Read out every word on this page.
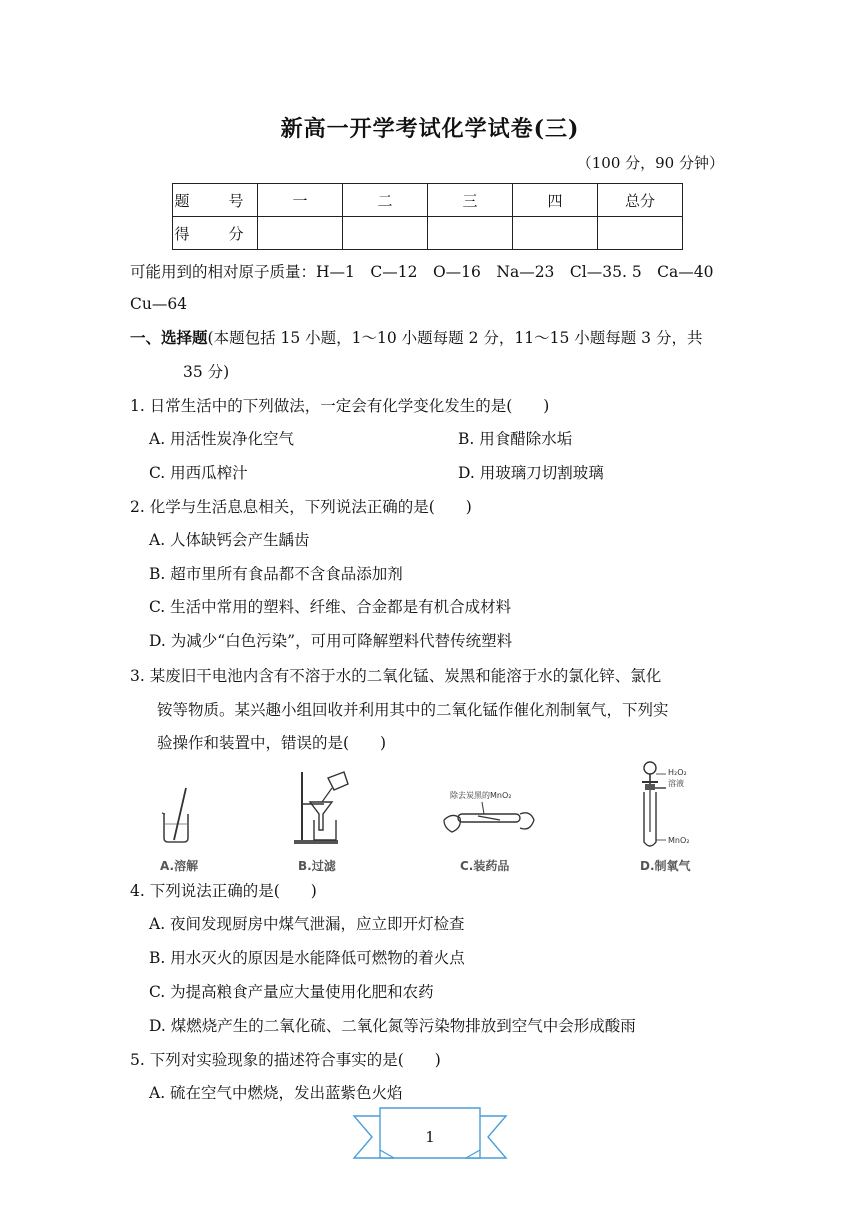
新高一开学考试化学试卷(三)
（100 分，90 分钟）
题　号	一	二	三	四	总分
得　分					
可能用到的相对原子质量：H—1　C—12　O—16　Na—23　Cl—35. 5　Ca—40
Cu—64
一、选择题(本题包括 15 小题，1～10 小题每题 2 分，11～15 小题每题 3 分，共
35 分)
1. 日常生活中的下列做法，一定会有化学变化发生的是(　　)
A. 用活性炭净化空气	B. 用食醋除水垢
C. 用西瓜榨汁	D. 用玻璃刀切割玻璃
2. 化学与生活息息相关，下列说法正确的是(　　)
A. 人体缺钙会产生龋齿
B. 超市里所有食品都不含食品添加剂
C. 生活中常用的塑料、纤维、合金都是有机合成材料
D. 为减少“白色污染”，可用可降解塑料代替传统塑料
3. 某废旧干电池内含有不溶于水的二氧化锰、炭黑和能溶于水的氯化锌、氯化
铵等物质。某兴趣小组回收并利用其中的二氧化锰作催化剂制氧气，下列实
验操作和装置中，错误的是(　　)
A.溶解	B.过滤
除去炭黑的MnO₂
C.装药品
H₂O₂
溶液
MnO₂
D.制氧气
4. 下列说法正确的是(　　)
A. 夜间发现厨房中煤气泄漏，应立即开灯检查
B. 用水灭火的原因是水能降低可燃物的着火点
C. 为提高粮食产量应大量使用化肥和农药
D. 煤燃烧产生的二氧化硫、二氧化氮等污染物排放到空气中会形成酸雨
5. 下列对实验现象的描述符合事实的是(　　)
A. 硫在空气中燃烧，发出蓝紫色火焰
1
